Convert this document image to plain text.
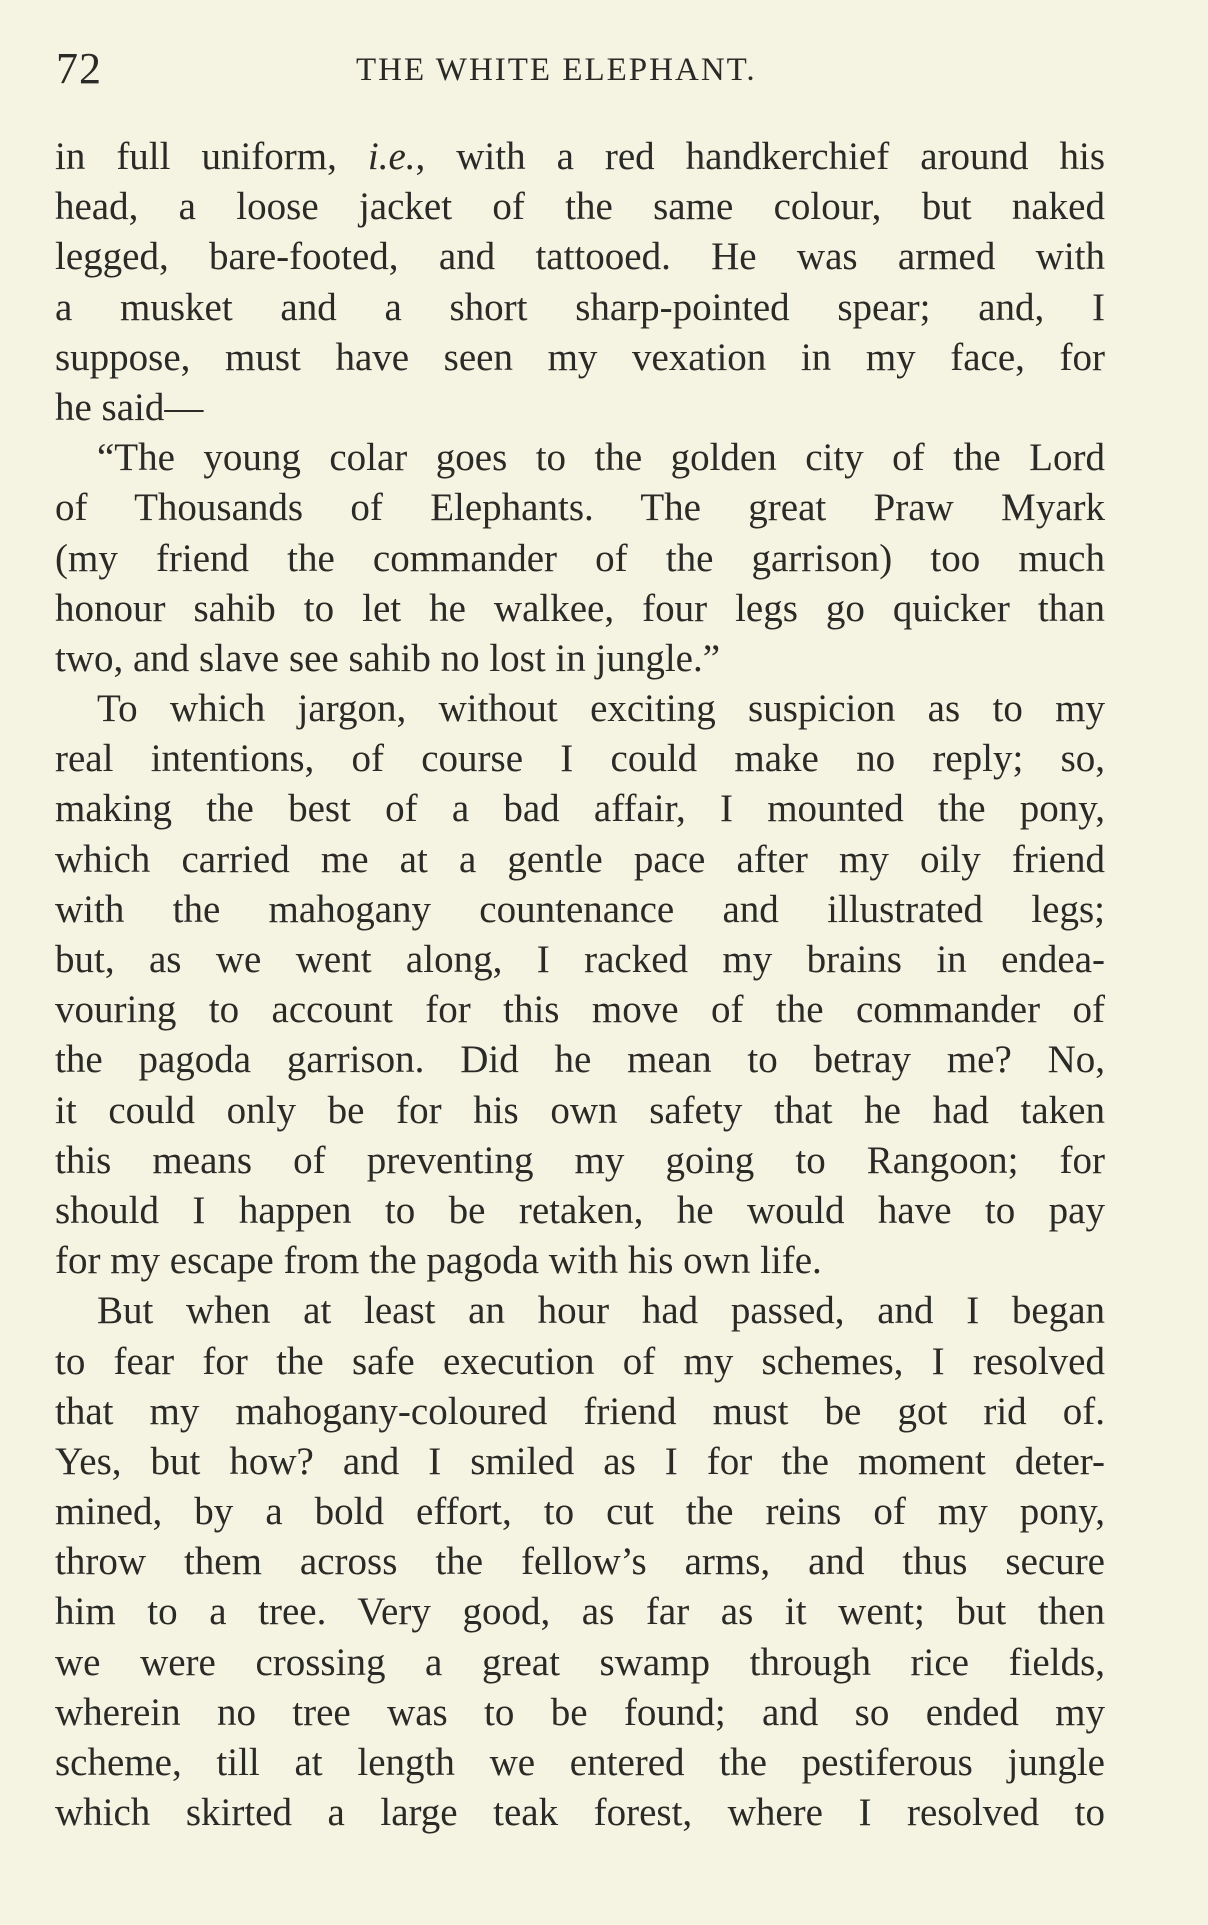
72	THE WHITE ELEPHANT.
in full uniform, i.e., with a red handkerchief around his
head, a loose jacket of the same colour, but naked
legged, bare-footed, and tattooed. He was armed with
a musket and a short sharp-pointed spear; and, I
suppose, must have seen my vexation in my face, for
he said—
“The young colar goes to the golden city of the Lord
of Thousands of Elephants. The great Praw Myark
(my friend the commander of the garrison) too much
honour sahib to let he walkee, four legs go quicker than
two, and slave see sahib no lost in jungle.”
To which jargon, without exciting suspicion as to my
real intentions, of course I could make no reply; so,
making the best of a bad affair, I mounted the pony,
which carried me at a gentle pace after my oily friend
with the mahogany countenance and illustrated legs;
but, as we went along, I racked my brains in endea-
vouring to account for this move of the commander of
the pagoda garrison. Did he mean to betray me? No,
it could only be for his own safety that he had taken
this means of preventing my going to Rangoon; for
should I happen to be retaken, he would have to pay
for my escape from the pagoda with his own life.
But when at least an hour had passed, and I began
to fear for the safe execution of my schemes, I resolved
that my mahogany-coloured friend must be got rid of.
Yes, but how? and I smiled as I for the moment deter-
mined, by a bold effort, to cut the reins of my pony,
throw them across the fellow’s arms, and thus secure
him to a tree. Very good, as far as it went; but then
we were crossing a great swamp through rice fields,
wherein no tree was to be found; and so ended my
scheme, till at length we entered the pestiferous jungle
which skirted a large teak forest, where I resolved to
